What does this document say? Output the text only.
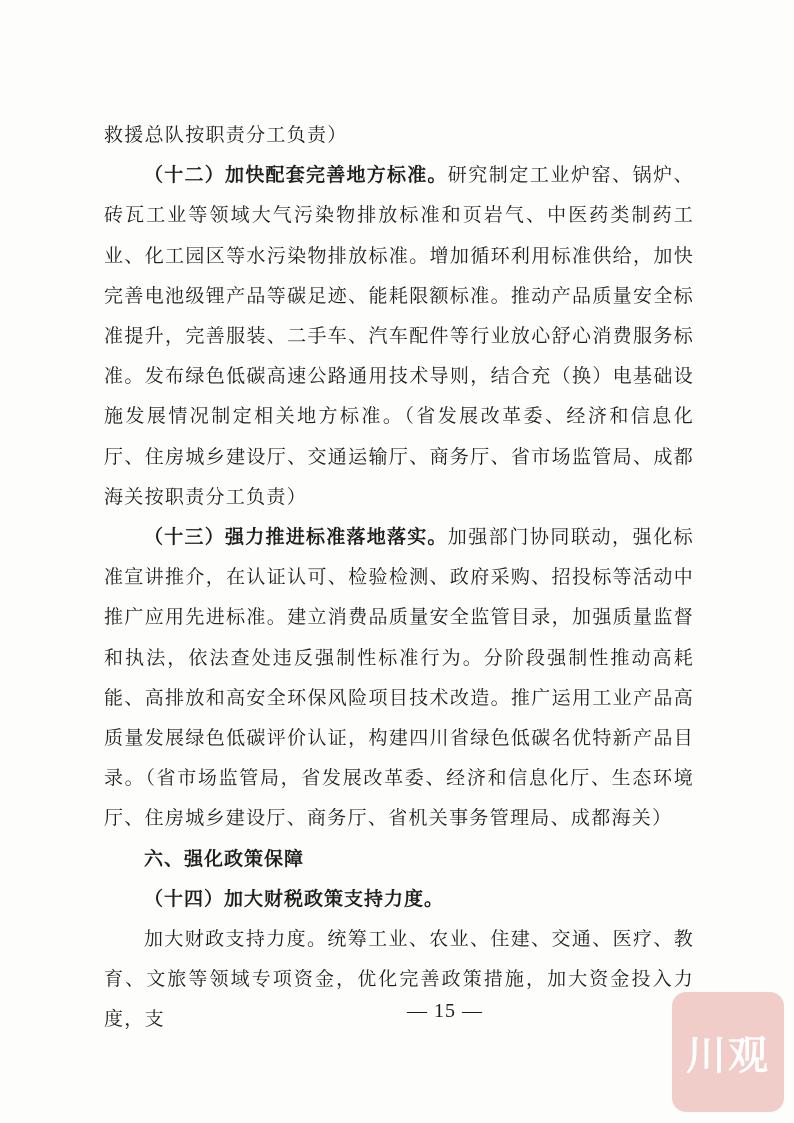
救援总队按职责分工负责）

（十二）加快配套完善地方标准。研究制定工业炉窑、锅炉、砖瓦工业等领域大气污染物排放标准和页岩气、中医药类制药工业、化工园区等水污染物排放标准。增加循环利用标准供给，加快完善电池级锂产品等碳足迹、能耗限额标准。推动产品质量安全标准提升，完善服装、二手车、汽车配件等行业放心舒心消费服务标准。发布绿色低碳高速公路通用技术导则，结合充（换）电基础设施发展情况制定相关地方标准。（省发展改革委、经济和信息化厅、住房城乡建设厅、交通运输厅、商务厅、省市场监管局、成都海关按职责分工负责）

（十三）强力推进标准落地落实。加强部门协同联动，强化标准宣讲推介，在认证认可、检验检测、政府采购、招投标等活动中推广应用先进标准。建立消费品质量安全监管目录，加强质量监督和执法，依法查处违反强制性标准行为。分阶段强制性推动高耗能、高排放和高安全环保风险项目技术改造。推广运用工业产品高质量发展绿色低碳评价认证，构建四川省绿色低碳名优特新产品目录。（省市场监管局，省发展改革委、经济和信息化厅、生态环境厅、住房城乡建设厅、商务厅、省机关事务管理局、成都海关）

六、强化政策保障

（十四）加大财税政策支持力度。

加大财政支持力度。统筹工业、农业、住建、交通、医疗、教育、文旅等领域专项资金，优化完善政策措施，加大资金投入力度，支	— 15 —
川观
